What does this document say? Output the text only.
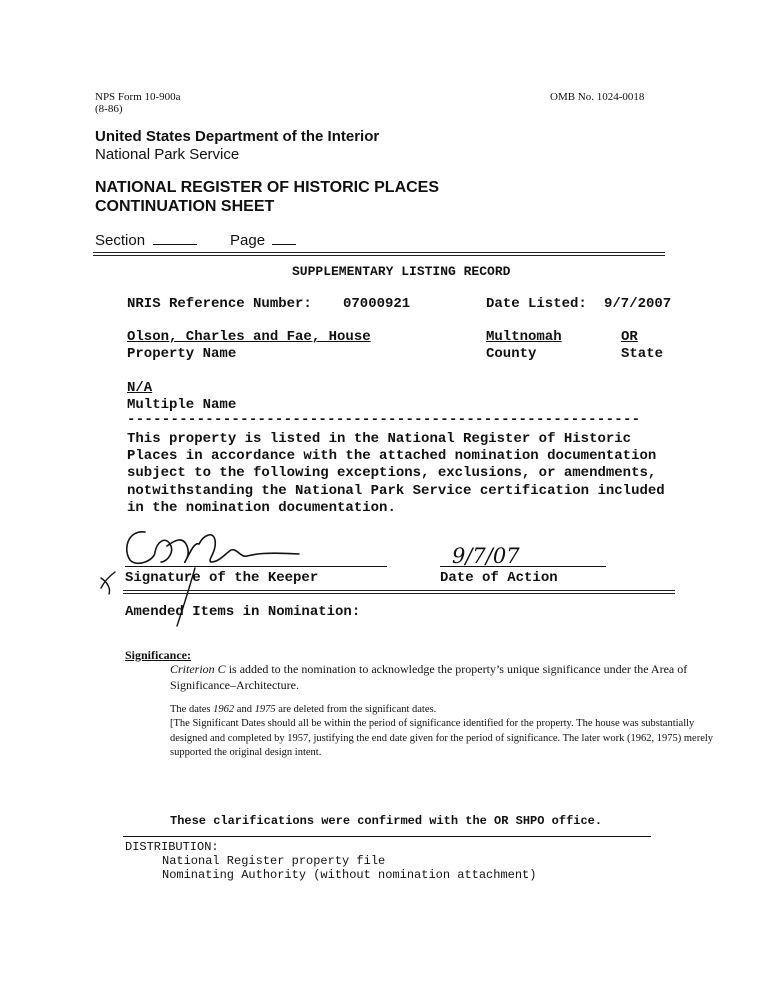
NPS Form 10-900a
(8-86)
OMB No. 1024-0018
United States Department of the Interior
National Park Service
NATIONAL REGISTER OF HISTORIC PLACES
CONTINUATION SHEET
Section	Page
SUPPLEMENTARY LISTING RECORD
NRIS Reference Number: 07000921	Date Listed: 9/7/2007
Olson, Charles and Fae, House
Property Name
Multnomah
County
OR
State
N/A
Multiple Name
-----------------------------------------------------------
This property is listed in the National Register of Historic
Places in accordance with the attached nomination documentation
subject to the following exceptions, exclusions, or amendments,
notwithstanding the National Park Service certification included
in the nomination documentation.
Signature of the Keeper
9/7/07
Date of Action
Amended Items in Nomination:
Significance:
Criterion C is added to the nomination to acknowledge the property’s unique significance under the Area of Significance–Architecture.
The dates 1962 and 1975 are deleted from the significant dates.
[The Significant Dates should all be within the period of significance identified for the property. The house was substantially designed and completed by 1957, justifying the end date given for the period of significance. The later work (1962, 1975) merely supported the original design intent.
These clarifications were confirmed with the OR SHPO office.
DISTRIBUTION:
National Register property file
Nominating Authority (without nomination attachment)
